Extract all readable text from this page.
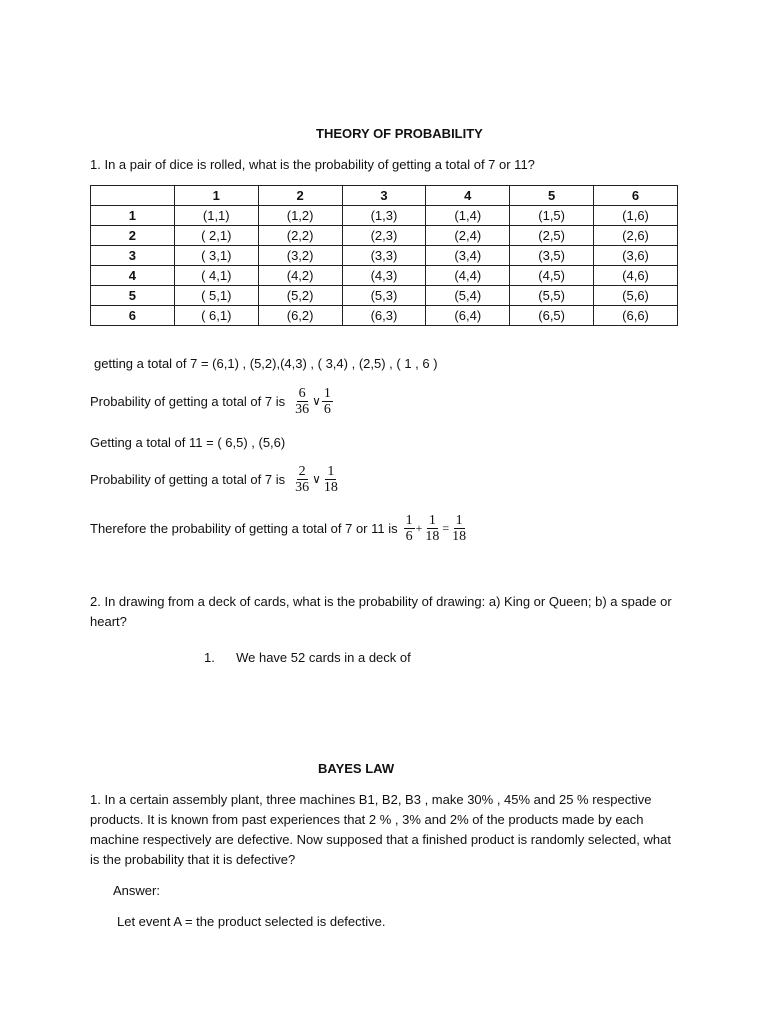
THEORY OF PROBABILITY
1. In a pair of dice is rolled, what is the probability of getting a total of 7 or 11?
	1	2	3	4	5	6
1	(1,1)	(1,2)	(1,3)	(1,4)	(1,5)	(1,6)
2	( 2,1)	(2,2)	(2,3)	(2,4)	(2,5)	(2,6)
3	( 3,1)	(3,2)	(3,3)	(3,4)	(3,5)	(3,6)
4	( 4,1)	(4,2)	(4,3)	(4,4)	(4,5)	(4,6)
5	( 5,1)	(5,2)	(5,3)	(5,4)	(5,5)	(5,6)
6	( 6,1)	(6,2)	(6,3)	(6,4)	(6,5)	(6,6)
getting a total of 7 = (6,1) , (5,2),(4,3) , ( 3,4) , (2,5) , ( 1 , 6 )
Probability of getting a total of 7 is $\frac{6}{36}$ ∨ $\frac{1}{6}$
Getting a total of 11 = ( 6,5) , (5,6)
Probability of getting a total of 7 is $\frac{2}{36}$ ∨ $\frac{1}{18}$
Therefore the probability of getting a total of 7 or 11 is $\frac{1}{6} + \frac{1}{18} = \frac{1}{18}$
2. In drawing from a deck of cards, what is the probability of drawing: a) King or Queen; b) a spade or heart?
1. We have 52 cards in a deck of
BAYES LAW
1. In a certain assembly plant, three machines B1, B2, B3 , make 30% , 45% and 25 % respective products. It is known from past experiences that 2 % , 3% and 2% of the products made by each machine respectively are defective. Now supposed that a finished product is randomly selected, what is the probability that it is defective?
Answer:
Let event A = the product selected is defective.
